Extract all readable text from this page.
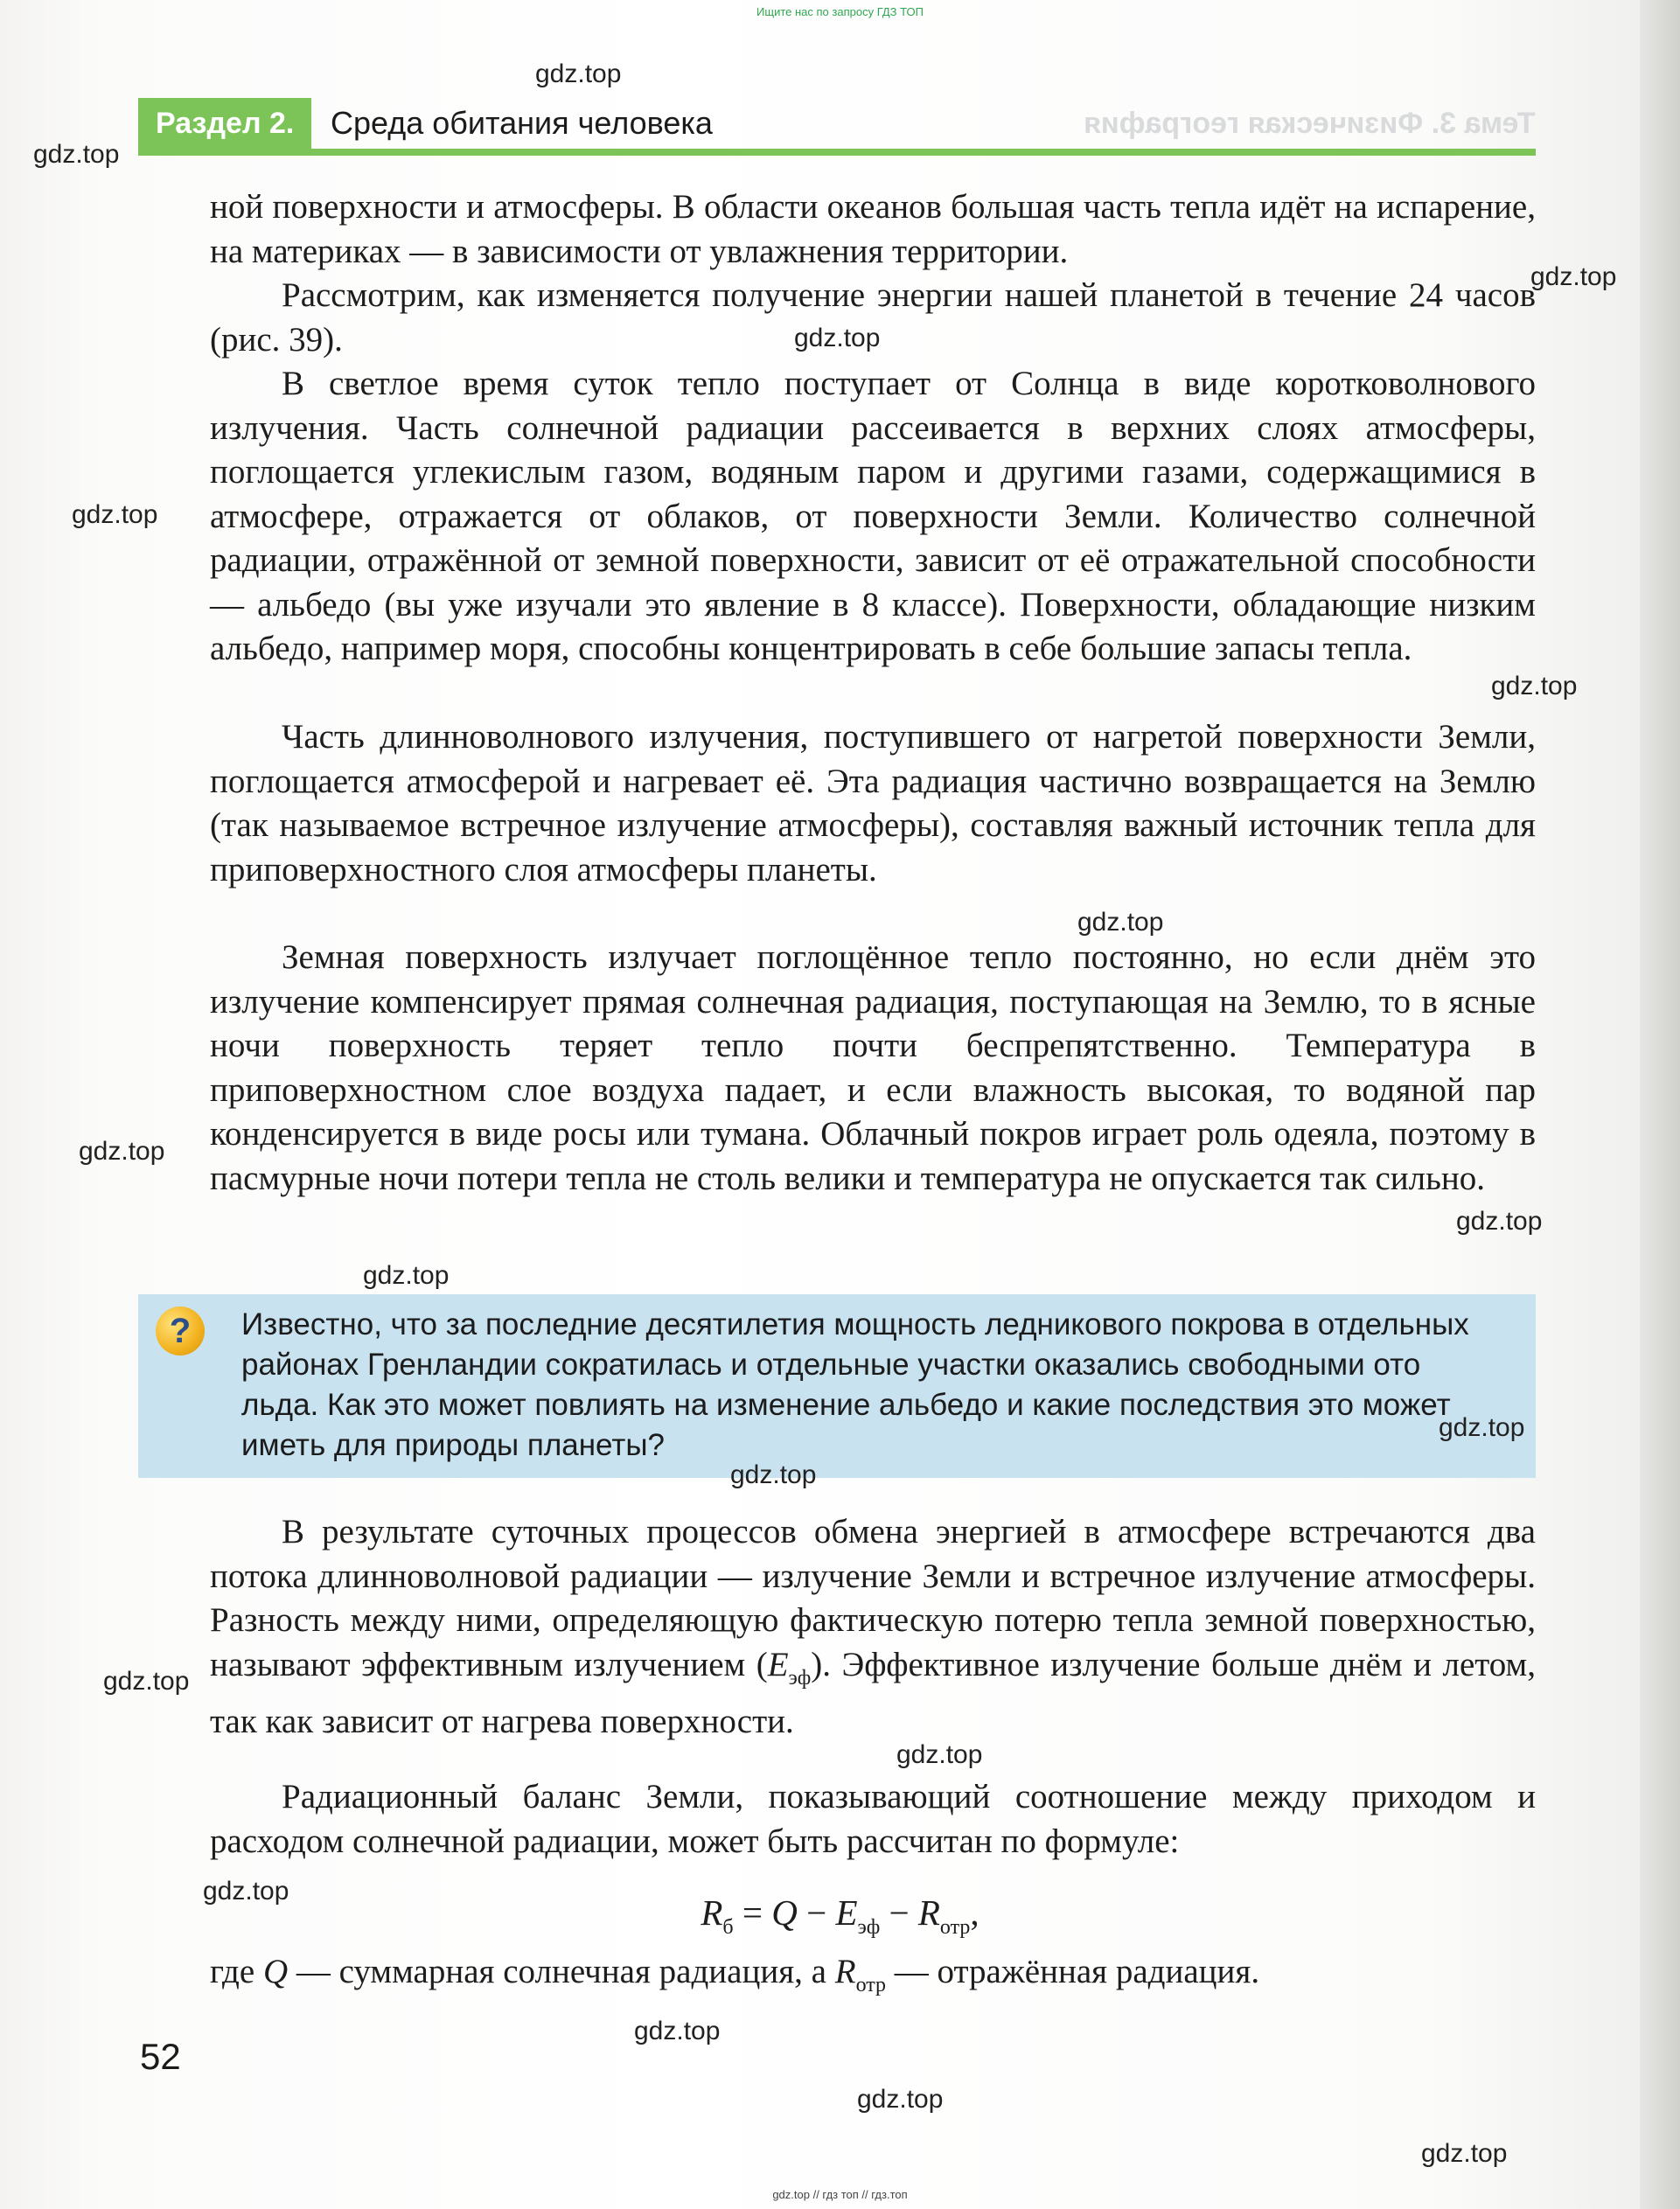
Ищите нас по запросу ГДЗ ТОП
Раздел 2.	Среда обитания человека	Тема 3. Физическая география

ной поверхности и атмосферы. В области океанов большая часть тепла идёт на испарение, на материках — в зависимости от увлажнения территории.

Рассмотрим, как изменяется получение энергии нашей планетой в течение 24 часов (рис. 39).

В светлое время суток тепло поступает от Солнца в виде коротковолнового излучения. Часть солнечной радиации рассеивается в верхних слоях атмосферы, поглощается углекислым газом, водяным паром и другими газами, содержащимися в атмосфере, отражается от облаков, от поверхности Земли. Количество солнечной радиации, отражённой от земной поверхности, зависит от её отражательной способности — альбедо (вы уже изучали это явление в 8 классе). Поверхности, обладающие низким альбедо, например моря, способны концентрировать в себе большие запасы тепла.

Часть длинноволнового излучения, поступившего от нагретой поверхности Земли, поглощается атмосферой и нагревает её. Эта радиация частично возвращается на Землю (так называемое встречное излучение атмосферы), составляя важный источник тепла для приповерхностного слоя атмосферы планеты.

Земная поверхность излучает поглощённое тепло постоянно, но если днём это излучение компенсирует прямая солнечная радиация, поступающая на Землю, то в ясные ночи поверхность теряет тепло почти беспрепятственно. Температура в приповерхностном слое воздуха падает, и если влажность высокая, то водяной пар конденсируется в виде росы или тумана. Облачный покров играет роль одеяла, поэтому в пасмурные ночи потери тепла не столь велики и температура не опускается так сильно.

?	Известно, что за последние десятилетия мощность ледникового покрова в отдельных районах Гренландии сократилась и отдельные участки оказались свободными ото льда. Как это может повлиять на изменение альбедо и какие последствия это может иметь для природы планеты?

В результате суточных процессов обмена энергией в атмосфере встречаются два потока длинноволновой радиации — излучение Земли и встречное излучение атмосферы. Разность между ними, определяющую фактическую потерю тепла земной поверхностью, называют эффективным излучением $(E_{эф})$. Эффективное излучение больше днём и летом, так как зависит от нагрева поверхности.

Радиационный баланс Земли, показывающий соотношение между приходом и расходом солнечной радиации, может быть рассчитан по формуле:

$R_б = Q - E_{эф} - R_{отр}$,

где Q — суммарная солнечная радиация, а $R_{отр}$ — отражённая радиация.

52
gdz.top
gdz.top
gdz.top
gdz.top
gdz.top
gdz.top
gdz.top
gdz.top
gdz.top
gdz.top
gdz.top
gdz.top
gdz.top
gdz.top
gdz.top
gdz.top
gdz.top
gdz.top
gdz.top // гдз топ // гдз.топ
